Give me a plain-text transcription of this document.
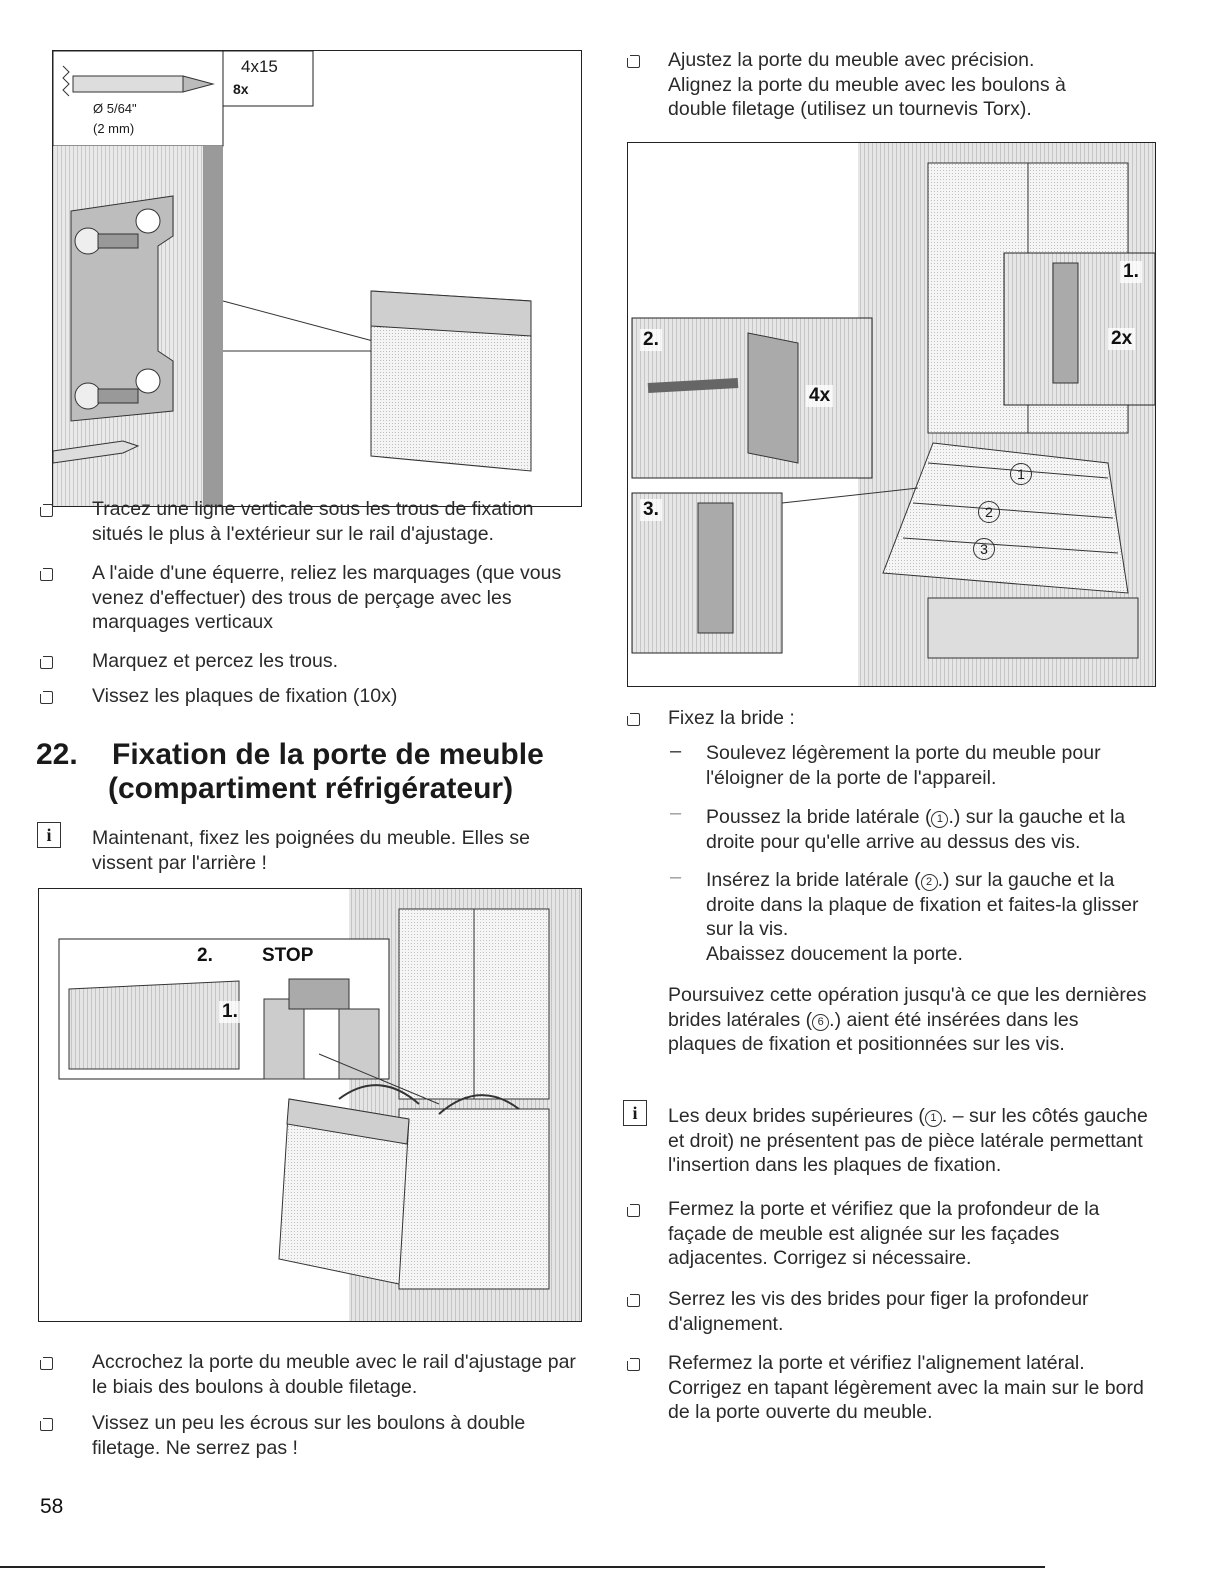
4x15
8x
Ø 5/64"
(2 mm)
Tracez une ligne verticale sous les trous de fixation situés le plus à l'extérieur sur le rail d'ajustage.
A l'aide d'une équerre, reliez les marquages (que vous venez d'effectuer) des trous de perçage avec les marquages verticaux
Marquez et percez les trous.
Vissez les plaques de fixation (10x)
22. Fixation de la porte de meuble
(compartiment réfrigérateur)
i	Maintenant, fixez les poignées du meuble. Elles se vissent par l'arrière !
2.	STOP
1.
Accrochez la porte du meuble avec le rail d'ajustage par le biais des boulons à double filetage.
Vissez un peu les écrous sur les boulons à double filetage. Ne serrez pas !
58
Ajustez la porte du meuble avec précision. Alignez la porte du meuble avec les boulons à double filetage (utilisez un tournevis Torx).
1.
2x
2.
4x
3.
1
2
3
Fixez la bride :
– Soulevez légèrement la porte du meuble pour l'éloigner de la porte de l'appareil.
– Poussez la bride latérale ( 1 .) sur la gauche et la droite pour qu'elle arrive au dessus des vis.
– Insérez la bride latérale ( 2 .) sur la gauche et la droite dans la plaque de fixation et faites-la glisser sur la vis.
Abaissez doucement la porte.
Poursuivez cette opération jusqu'à ce que les dernières brides latérales ( 6 .) aient été insérées dans les plaques de fixation et positionnées sur les vis.
i	Les deux brides supérieures ( 1 . – sur les côtés gauche et droit) ne présentent pas de pièce latérale permettant l'insertion dans les plaques de fixation.
Fermez la porte et vérifiez que la profondeur de la façade de meuble est alignée sur les façades adjacentes. Corrigez si nécessaire.
Serrez les vis des brides pour figer la profondeur d'alignement.
Refermez la porte et vérifiez l'alignement latéral. Corrigez en tapant légèrement avec la main sur le bord de la porte ouverte du meuble.
